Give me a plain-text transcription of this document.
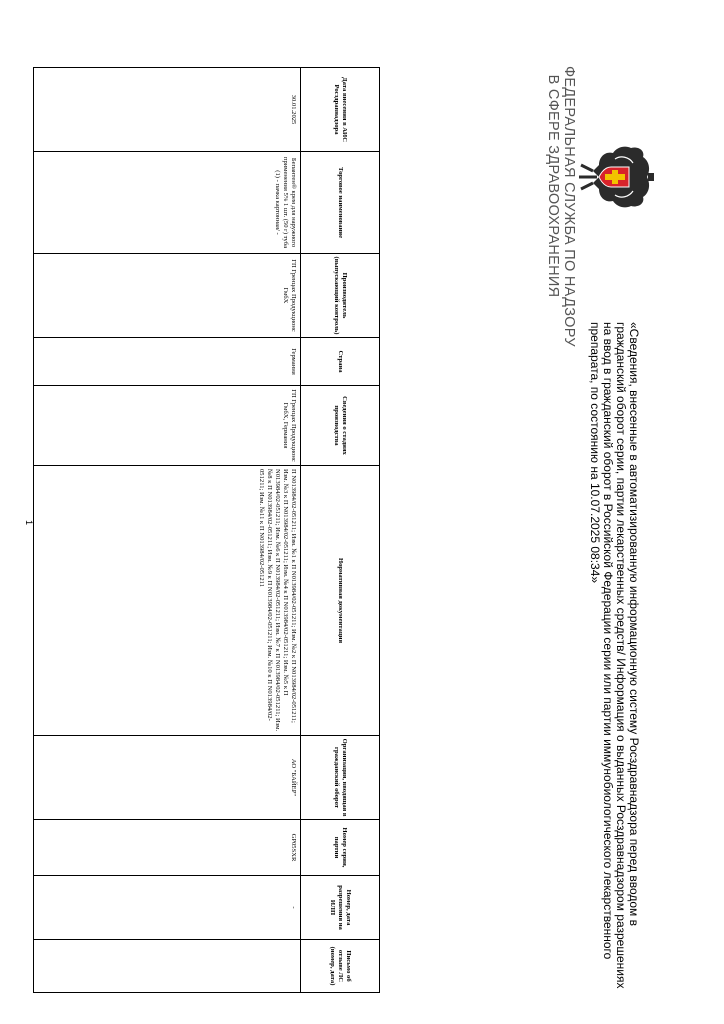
ФЕДЕРАЛЬНАЯ СЛУЖБА ПО НАДЗОРУ
В СФЕРЕ ЗДРАВООХРАНЕНИЯ
«Сведения, внесенные в автоматизированную информационную систему Росздравнадзора перед вводом в
гражданский оборот серии, партии лекарственных средств/ Информация о выданных Росздравнадзором разрешениях
на ввод в гражданский оборот в Российской Федерации серии или партии иммунобиологического лекарственного
препарата, по состоянию на 10.07.2025 08:34»
Дата внесения в АИС Росздравнадзора	Торговое наименование	Производитель (выпускающий контроль)	Страна	Сведения о стадиях производства	Нормативная документация	Организация, вводящая в гражданский оборот	Номер серии, партии	Номер, дата разрешения на ИЛП	Письмо об отзыве ЛС (номер, дата)
30.01.2025	Бепантен® крем для наружного применения 5% 1 шт. (50 г) туба (1) - пачка картонная/ -	ГП Гренцах Продукционс ГмбХ	Германия	ГП Гренцах Продукционс ГмбХ, Германия	П N013984/02-051211; Изм. №1 к П N013984/02-051211; Изм. №2 к П N013984/02-051211; Изм. №3 к П N013984/02-051211; Изм. №4 к П N013984/02-051211; Изм. №5 к П N013984/02-051211; Изм. №6 к П N013984/02-051211; Изм. №7 к П N013984/02-051211; Изм. №8 к П N013984/02-051211; Изм. №9 к П N013984/02-051211; Изм. №10 к П N013984/02-051211; Изм. №11 к П N013984/02-051211	АО "БАЙЕР"	GP05SXR	-	
1
